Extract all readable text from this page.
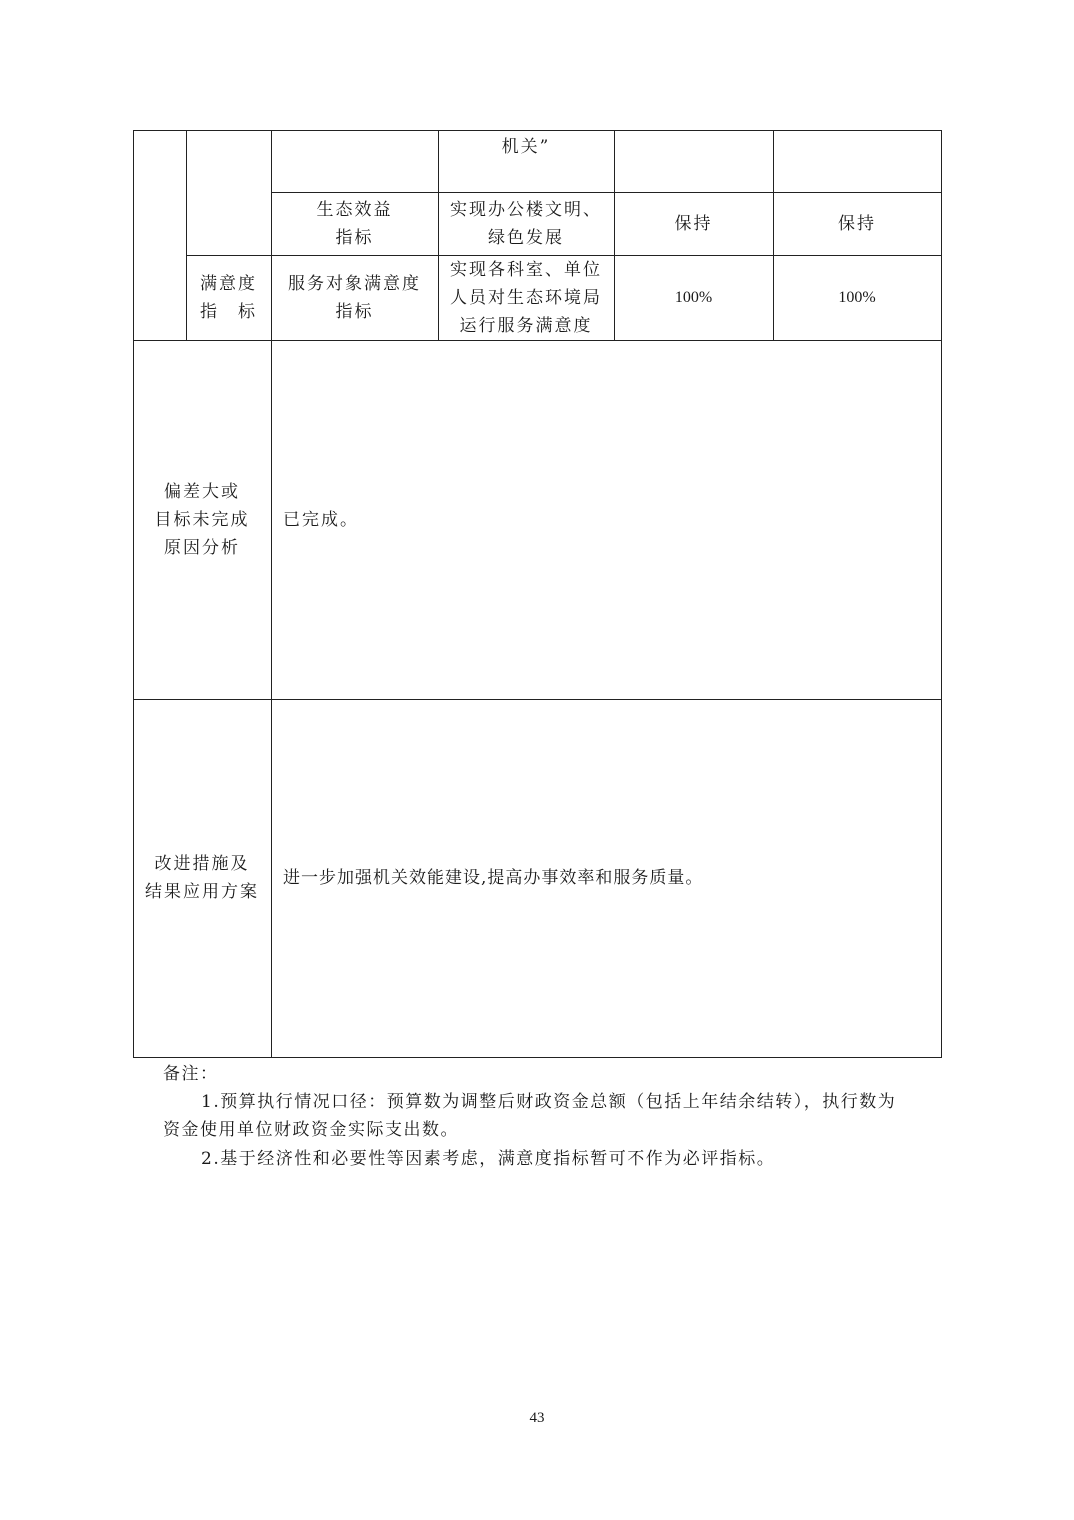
机关”
生态效益
指标
实现办公楼文明、
绿色发展
保持	保持
满意度
指　标
服务对象满意度
指标
实现各科室、单位
人员对生态环境局
运行服务满意度
100%	100%
偏差大或
目标未完成
原因分析
已完成。
改进措施及
结果应用方案
进一步加强机关效能建设,提高办事效率和服务质量。
备注：
1.预算执行情况口径：预算数为调整后财政资金总额（包括上年结余结转），执行数为
资金使用单位财政资金实际支出数。
2.基于经济性和必要性等因素考虑，满意度指标暂可不作为必评指标。
43
